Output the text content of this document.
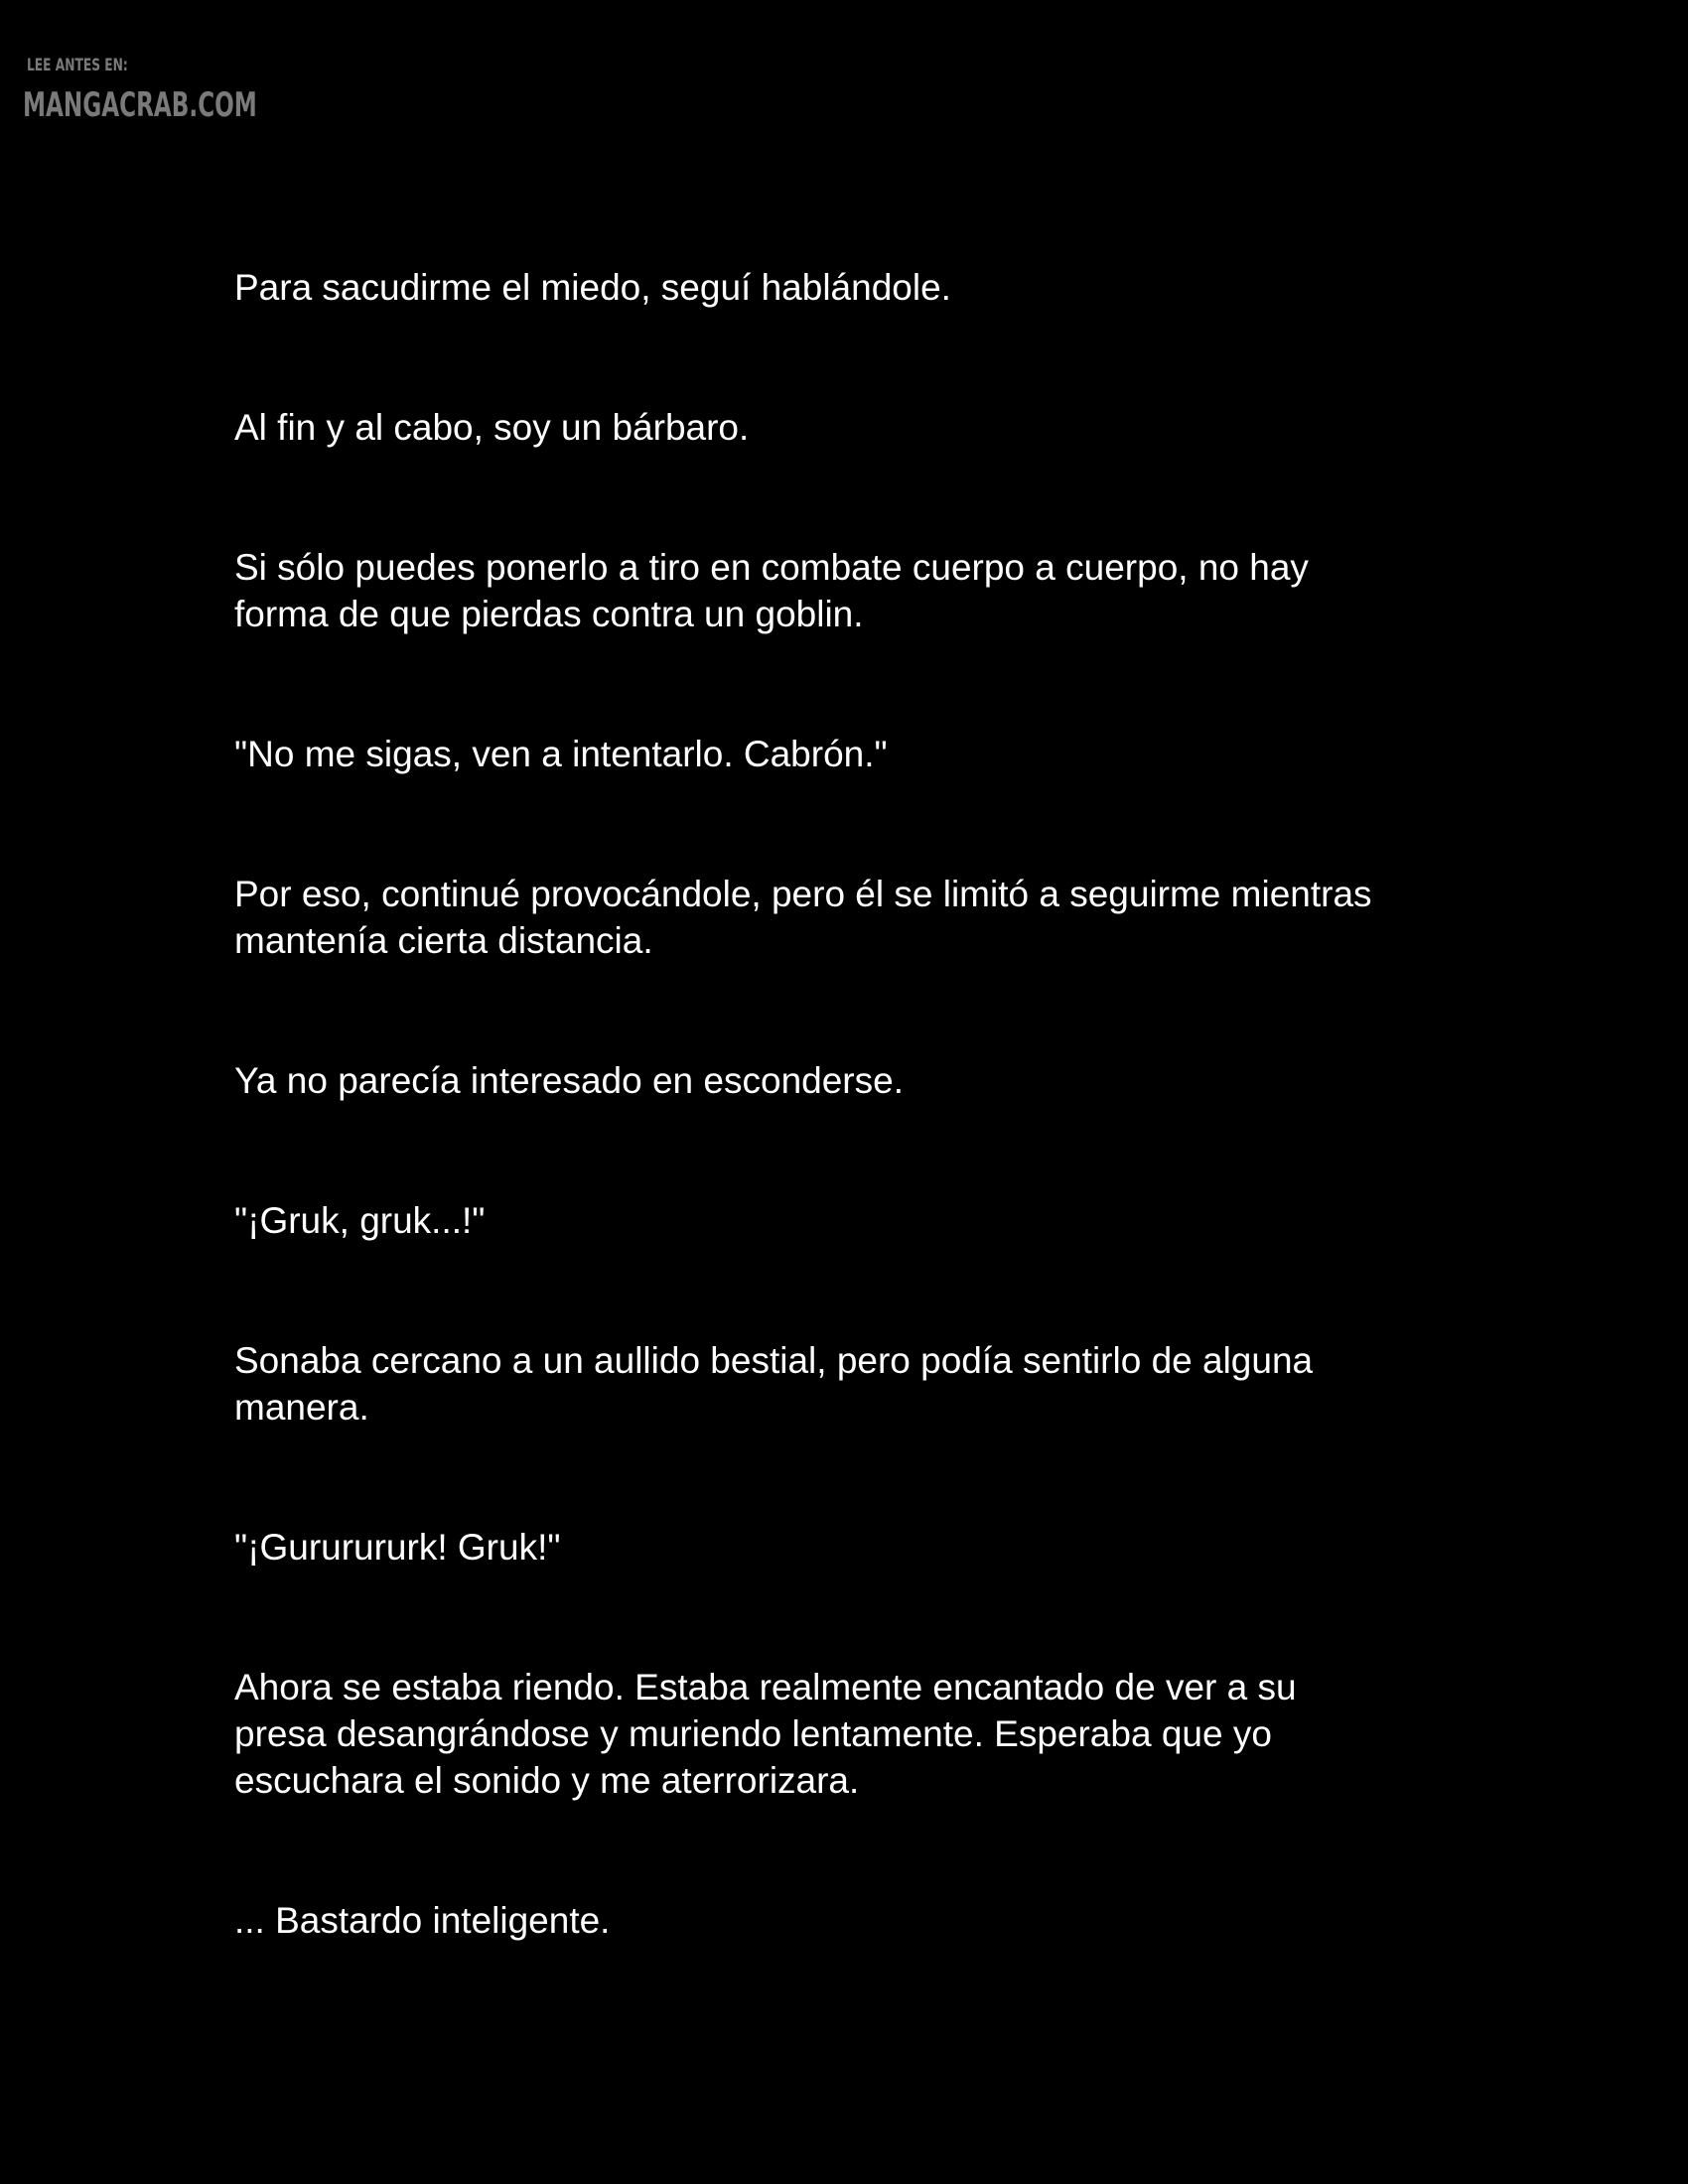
LEE ANTES EN:
MANGACRAB.COM

Para sacudirme el miedo, seguí hablándole.

Al fin y al cabo, soy un bárbaro.

Si sólo puedes ponerlo a tiro en combate cuerpo a cuerpo, no hay
forma de que pierdas contra un goblin.

"No me sigas, ven a intentarlo. Cabrón."

Por eso, continué provocándole, pero él se limitó a seguirme mientras
mantenía cierta distancia.

Ya no parecía interesado en esconderse.

"¡Gruk, gruk...!"

Sonaba cercano a un aullido bestial, pero podía sentirlo de alguna
manera.

"¡Gururururk! Gruk!"

Ahora se estaba riendo. Estaba realmente encantado de ver a su
presa desangrándose y muriendo lentamente. Esperaba que yo
escuchara el sonido y me aterrorizara.

... Bastardo inteligente.
